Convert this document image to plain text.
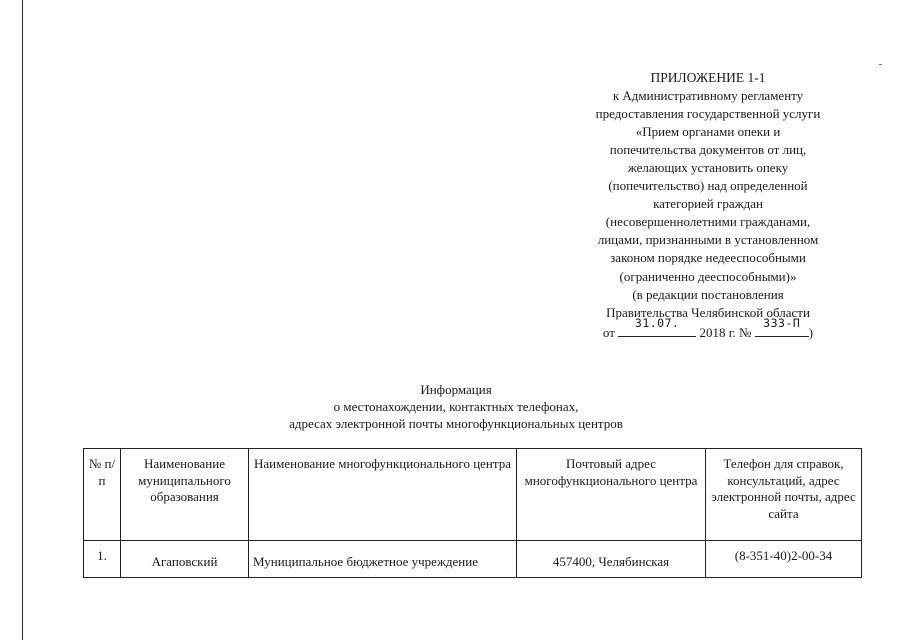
ПРИЛОЖЕНИЕ 1-1
к Административному регламенту
предоставления государственной услуги
«Прием органами опеки и
попечительства документов от лиц,
желающих установить опеку
(попечительство) над определенной
категорией граждан
(несовершеннолетними гражданами,
лицами, признанными в установленном
законом порядке недееспособными
(ограниченно дееспособными)»
(в редакции постановления
Правительства Челябинской области
от
31.07.
2018 г. №
333-П
)
Информация
о местонахождении, контактных телефонах,
адресах электронной почты многофункциональных центров
№ п/п	Наименование муниципального образования	Наименование многофункционального центра	Почтовый адрес многофункционального центра	Телефон для справок, консультаций, адрес электронной почты, адрес сайта
1.	Агаповский	Муниципальное бюджетное учреждение	457400, Челябинская	(8-351-40)2-00-34
